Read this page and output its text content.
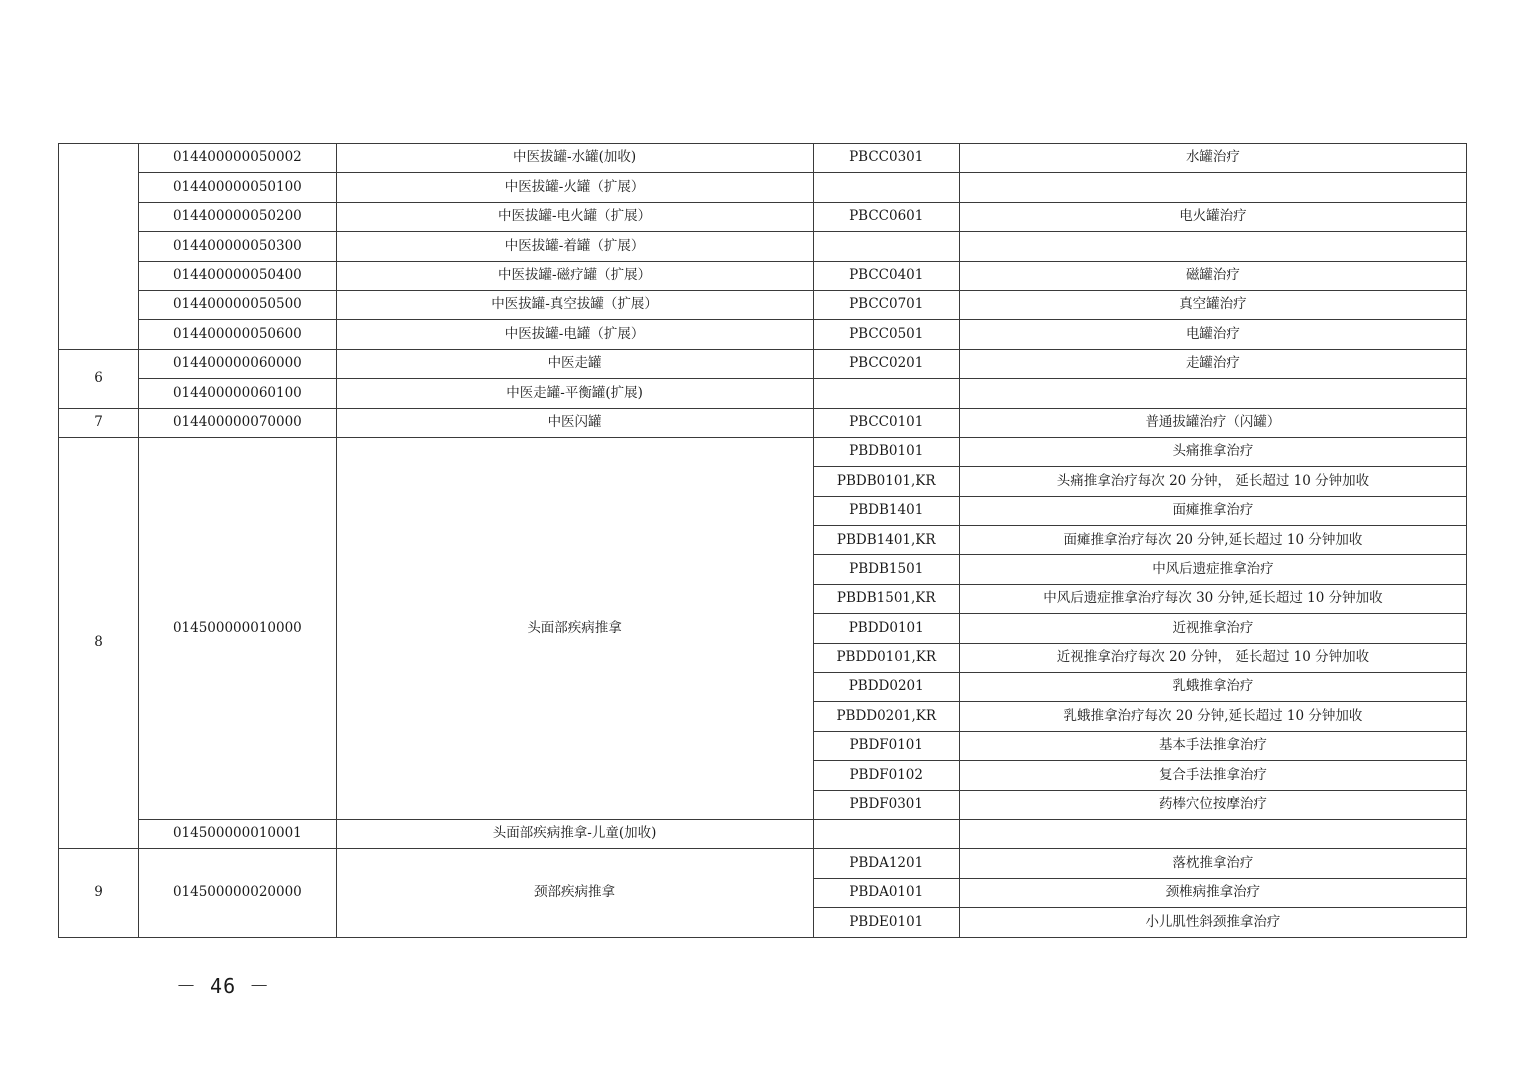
	014400000050002	中医拔罐-水罐(加收)	PBCC0301	水罐治疗
	014400000050100	中医拔罐-火罐（扩展）		
	014400000050200	中医拔罐-电火罐（扩展）	PBCC0601	电火罐治疗
	014400000050300	中医拔罐-着罐（扩展）		
	014400000050400	中医拔罐-磁疗罐（扩展）	PBCC0401	磁罐治疗
	014400000050500	中医拔罐-真空拔罐（扩展）	PBCC0701	真空罐治疗
	014400000050600	中医拔罐-电罐（扩展）	PBCC0501	电罐治疗
6	014400000060000	中医走罐	PBCC0201	走罐治疗
	014400000060100	中医走罐-平衡罐(扩展)		
7	014400000070000	中医闪罐	PBCC0101	普通拔罐治疗（闪罐）
8	014500000010000	头面部疾病推拿	PBDB0101	头痛推拿治疗
			PBDB0101,KR	头痛推拿治疗每次 20 分钟， 延长超过 10 分钟加收
			PBDB1401	面瘫推拿治疗
			PBDB1401,KR	面瘫推拿治疗每次 20 分钟,延长超过 10 分钟加收
			PBDB1501	中风后遗症推拿治疗
			PBDB1501,KR	中风后遗症推拿治疗每次 30 分钟,延长超过 10 分钟加收
			PBDD0101	近视推拿治疗
			PBDD0101,KR	近视推拿治疗每次 20 分钟， 延长超过 10 分钟加收
			PBDD0201	乳蛾推拿治疗
			PBDD0201,KR	乳蛾推拿治疗每次 20 分钟,延长超过 10 分钟加收
			PBDF0101	基本手法推拿治疗
			PBDF0102	复合手法推拿治疗
			PBDF0301	药棒穴位按摩治疗
	014500000010001	头面部疾病推拿-儿童(加收)		
9	014500000020000	颈部疾病推拿	PBDA1201	落枕推拿治疗
			PBDA0101	颈椎病推拿治疗
			PBDE0101	小儿肌性斜颈推拿治疗
－ 46 －
